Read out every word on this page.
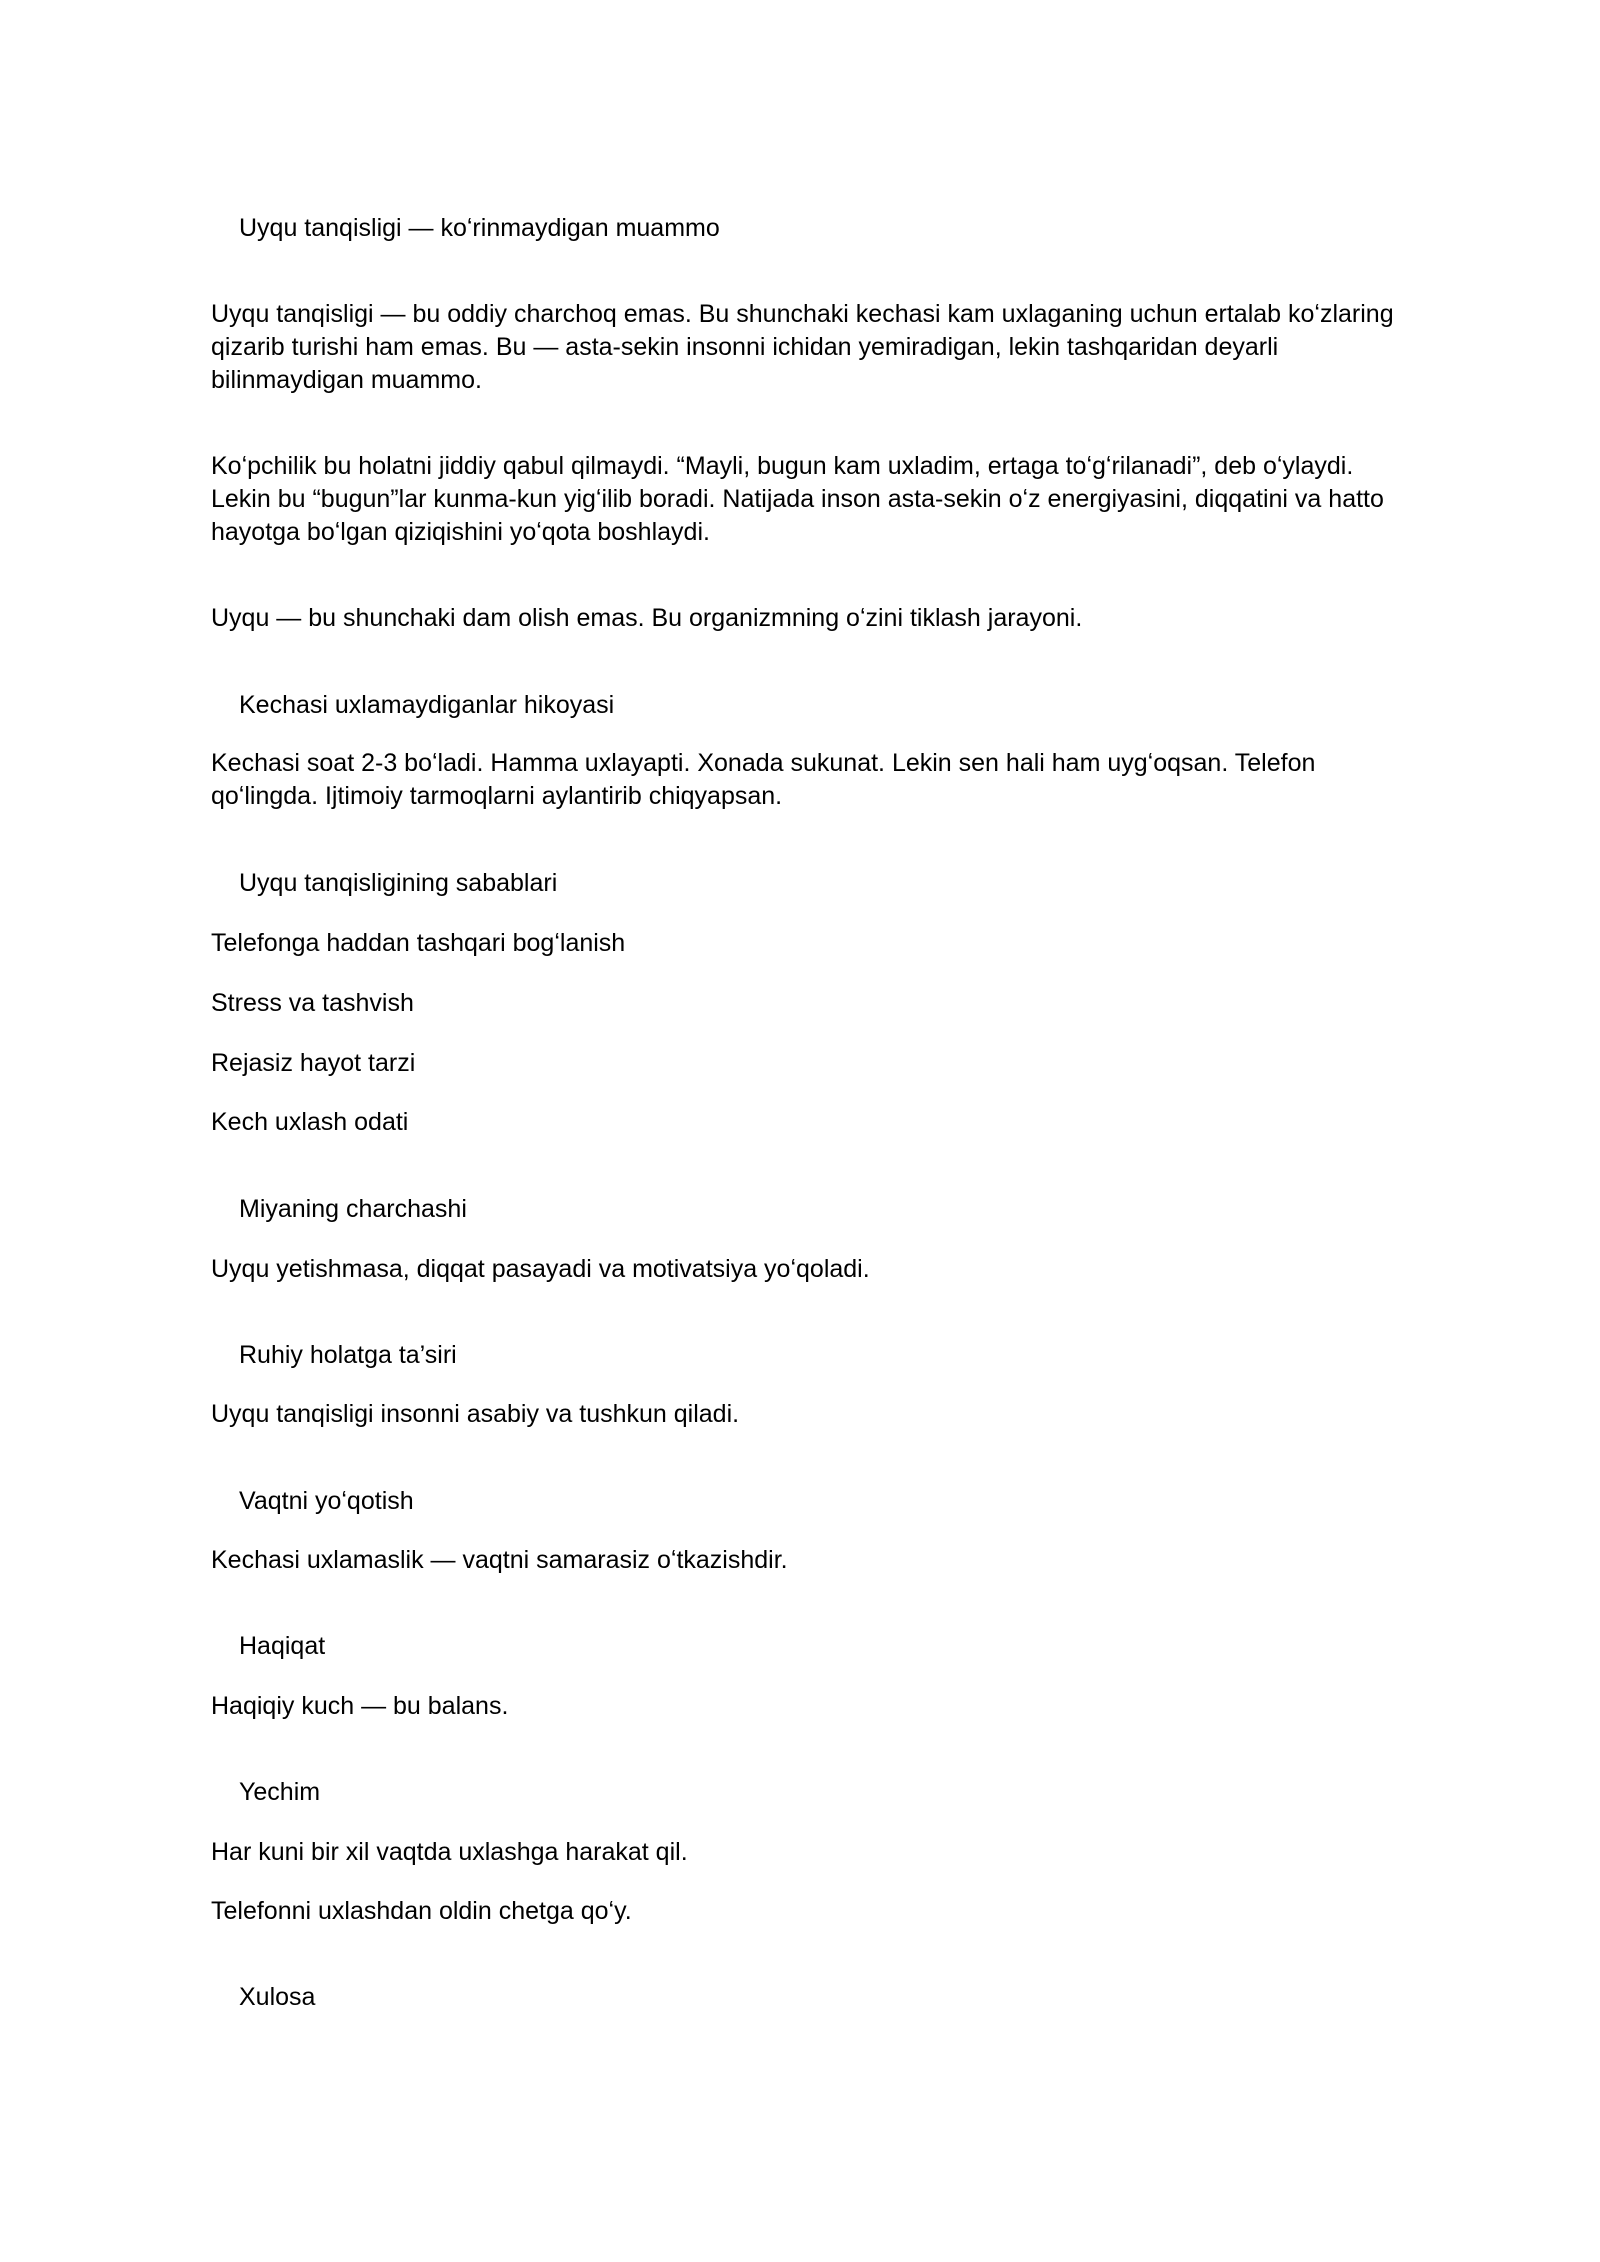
Uyqu tanqisligi — koʻrinmaydigan muammo

Uyqu tanqisligi — bu oddiy charchoq emas. Bu shunchaki kechasi kam uxlaganing uchun ertalab koʻzlaring qizarib turishi ham emas. Bu — asta-sekin insonni ichidan yemiradigan, lekin tashqaridan deyarli bilinmaydigan muammo.

Koʻpchilik bu holatni jiddiy qabul qilmaydi. “Mayli, bugun kam uxladim, ertaga toʻgʻrilanadi”, deb oʻylaydi. Lekin bu “bugun”lar kunma-kun yigʻilib boradi. Natijada inson asta-sekin oʻz energiyasini, diqqatini va hatto hayotga boʻlgan qiziqishini yoʻqota boshlaydi.

Uyqu — bu shunchaki dam olish emas. Bu organizmning oʻzini tiklash jarayoni.

Kechasi uxlamaydiganlar hikoyasi

Kechasi soat 2-3 boʻladi. Hamma uxlayapti. Xonada sukunat. Lekin sen hali ham uygʻoqsan. Telefon qoʻlingda. Ijtimoiy tarmoqlarni aylantirib chiqyapsan.

Uyqu tanqisligining sabablari

Telefonga haddan tashqari bogʻlanish

Stress va tashvish

Rejasiz hayot tarzi

Kech uxlash odati

Miyaning charchashi

Uyqu yetishmasa, diqqat pasayadi va motivatsiya yoʻqoladi.

Ruhiy holatga ta’siri

Uyqu tanqisligi insonni asabiy va tushkun qiladi.

Vaqtni yoʻqotish

Kechasi uxlamaslik — vaqtni samarasiz oʻtkazishdir.

Haqiqat

Haqiqiy kuch — bu balans.

Yechim

Har kuni bir xil vaqtda uxlashga harakat qil.

Telefonni uxlashdan oldin chetga qoʻy.

Xulosa
